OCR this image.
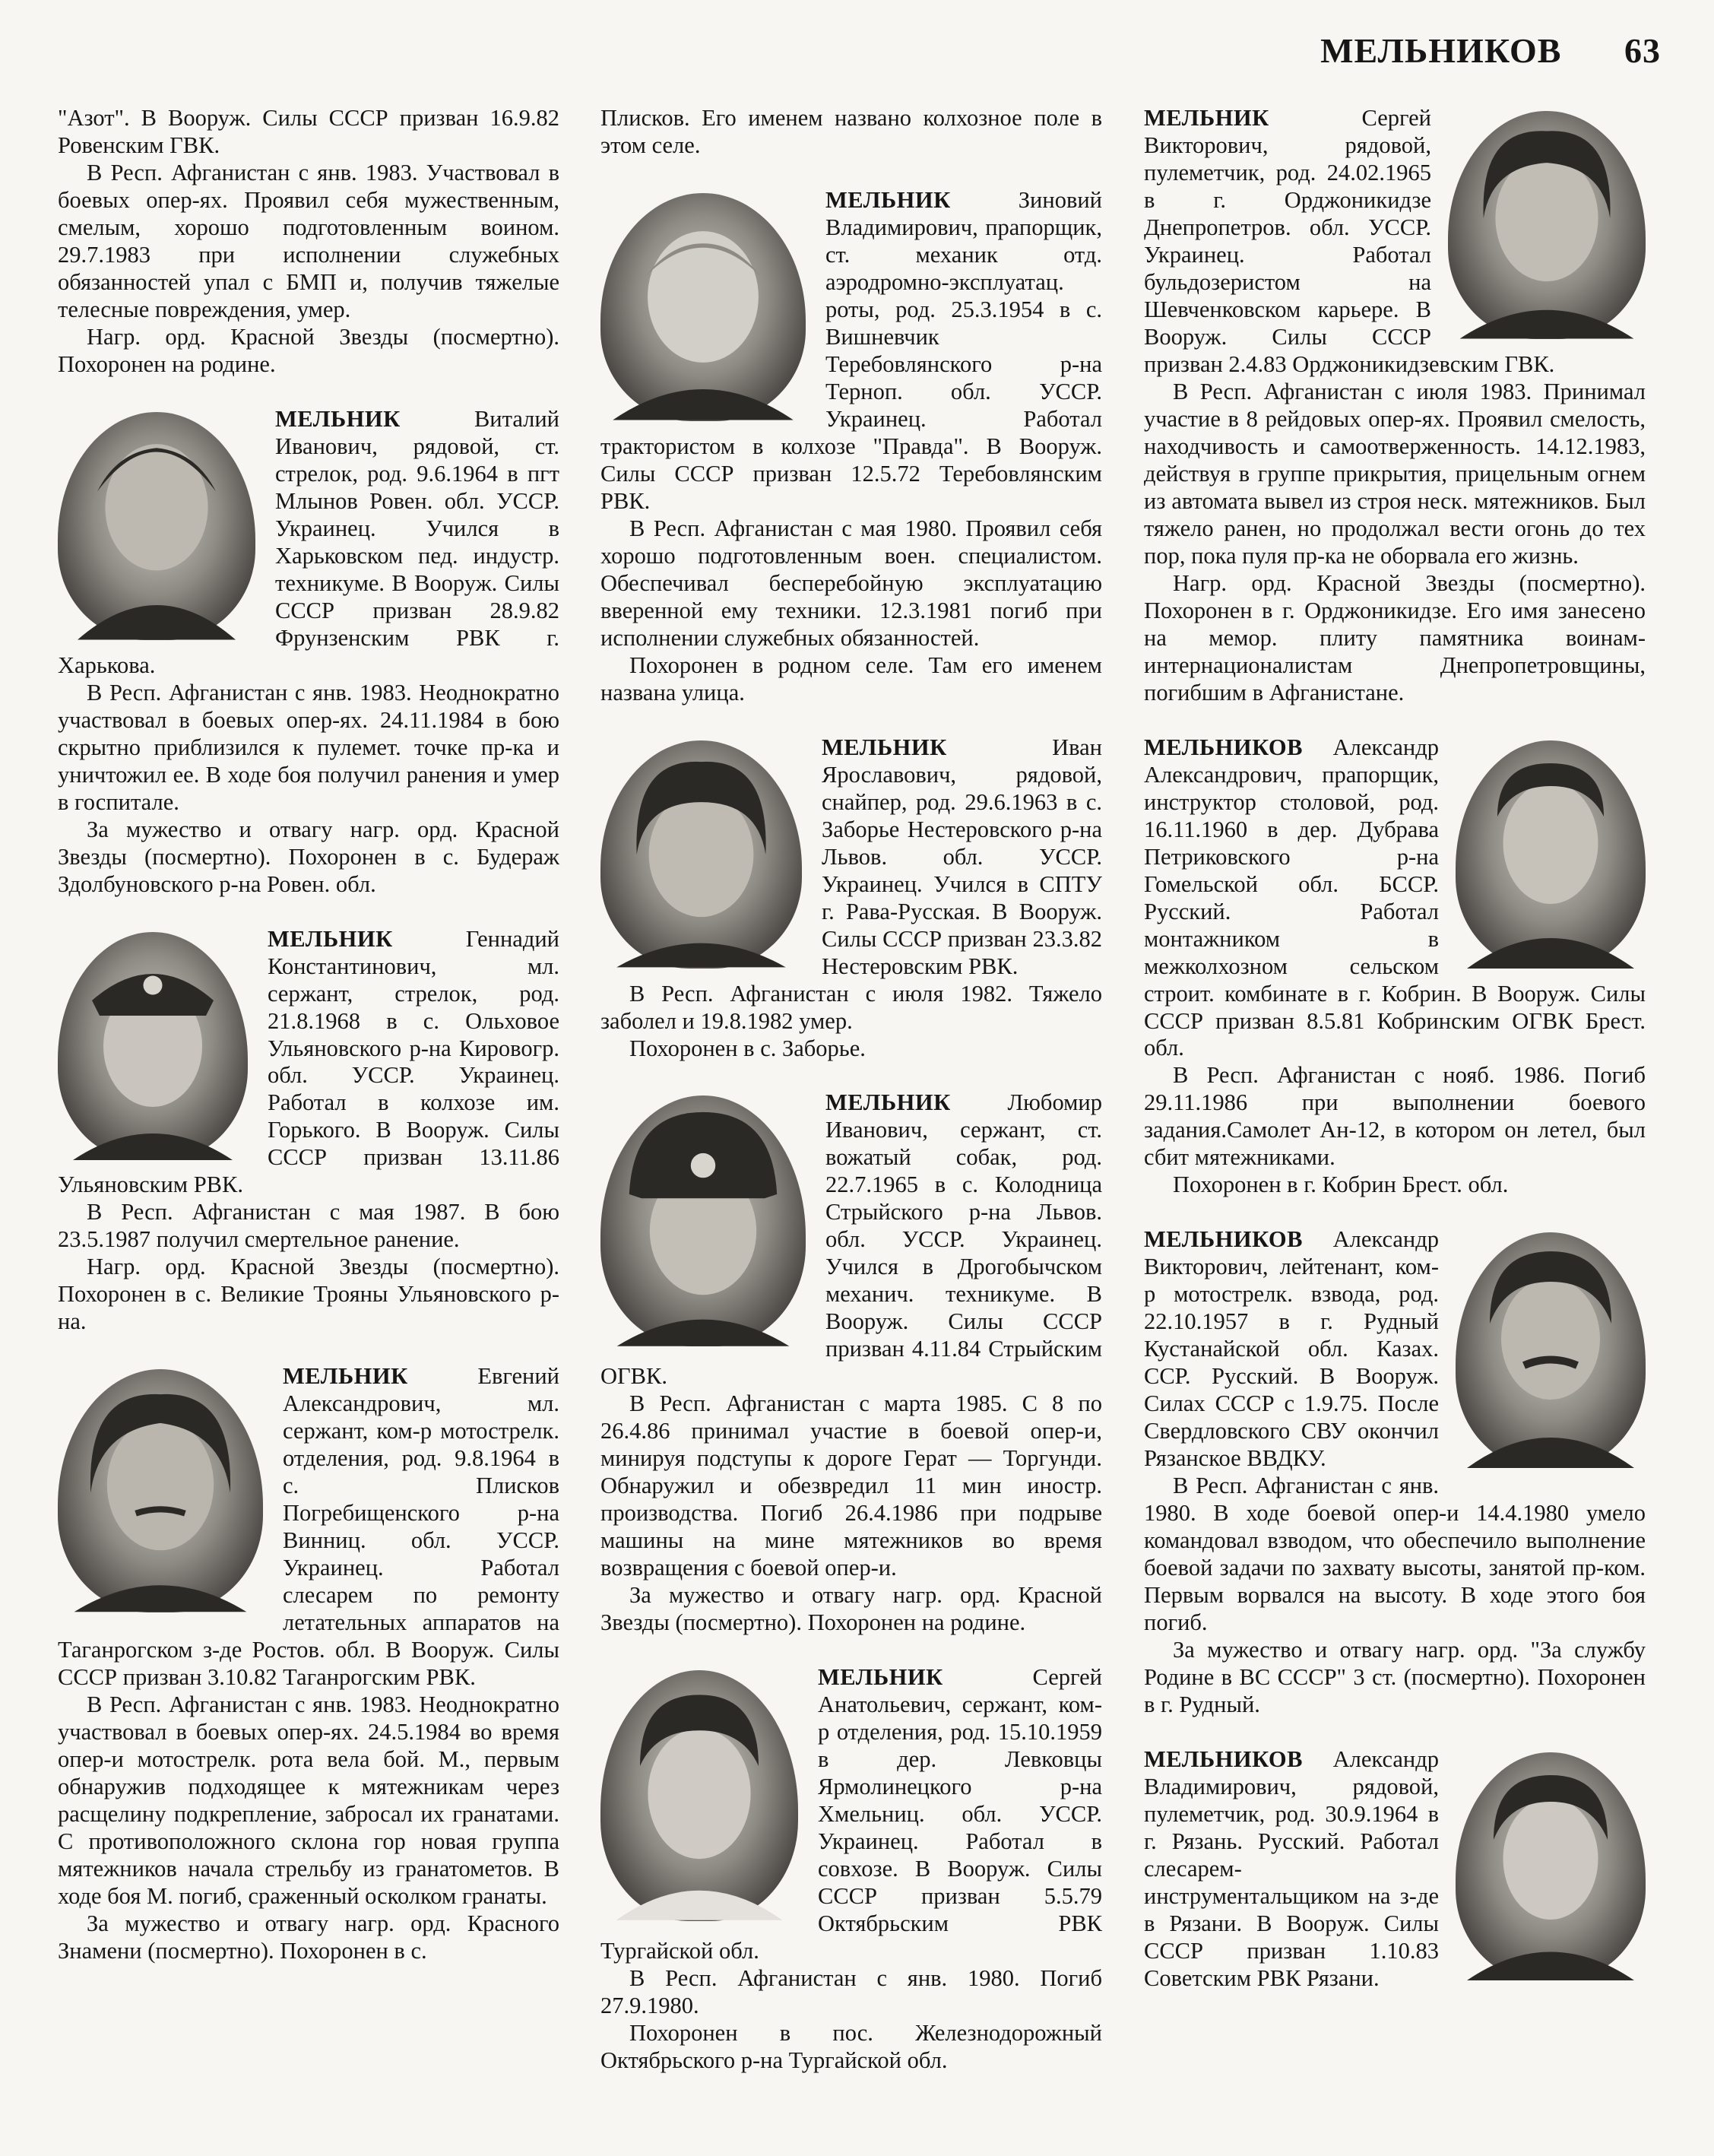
МЕЛЬНИКОВ 63

"Азот". В Вооруж. Силы СССР призван 16.9.82 Ровенским ГВК.

В Респ. Афганистан с янв. 1983. Участвовал в боевых опер-ях. Проявил себя мужественным, смелым, хорошо подготовленным воином. 29.7.1983 при исполнении служебных обязанностей упал с БМП и, получив тяжелые телесные повреждения, умер.

Нагр. орд. Красной Звезды (посмертно). Похоронен на родине.

МЕЛЬНИК	Виталий Иванович, рядовой, ст. стрелок, род. 9.6.1964 в пгт Млынов Ровен. обл. УССР. Украинец. Учился в Харьковском пед. индустр. техникуме. В Вооруж. Силы СССР призван 28.9.82 Фрунзенским РВК г. Харькова.

В Респ. Афганистан с янв. 1983. Неоднократно участвовал в боевых опер-ях. 24.11.1984 в бою скрытно приблизился к пулемет. точке пр-ка и уничтожил ее. В ходе боя получил ранения и умер в госпитале.

За мужество и отвагу нагр. орд. Красной Звезды (посмертно). Похоронен в с. Будераж Здолбуновского р-на Ровен. обл.

МЕЛЬНИК	Геннадий Константинович, мл. сержант, стрелок, род. 21.8.1968 в с. Ольховое Ульяновского р-на Кировогр. обл. УССР. Украинец. Работал в колхозе им. Горького. В Вооруж. Силы СССР призван 13.11.86 Ульяновским РВК.

В Респ. Афганистан с мая 1987. В бою 23.5.1987 получил смертельное ранение.

Нагр. орд. Красной Звезды (посмертно). Похоронен в с. Великие Трояны Ульяновского р-на.

МЕЛЬНИК	Евгений Александрович, мл. сержант, ком-р мотострелк. отделения, род. 9.8.1964 в с. Плисков Погребищенского р-на Винниц. обл. УССР. Украинец. Работал слесарем по ремонту летательных аппаратов на Таганрогском з-де Ростов. обл. В Вооруж. Силы СССР призван 3.10.82 Таганрогским РВК.

В Респ. Афганистан с янв. 1983. Неоднократно участвовал в боевых опер-ях. 24.5.1984 во время опер-и мотострелк. рота вела бой. М., первым обнаружив подходящее к мятежникам через расщелину подкрепление, забросал их гранатами. С противоположного склона гор новая группа мятежников начала стрельбу из гранатометов. В ходе боя М. погиб, сраженный осколком гранаты.

За мужество и отвагу нагр. орд. Красного Знамени (посмертно). Похоронен в с.

Плисков. Его именем названо колхозное поле в этом селе.

МЕЛЬНИК	Зиновий Владимирович, прапорщик, ст. механик отд. аэродромно-эксплуатац. роты, род. 25.3.1954 в с. Вишневчик Теребовлянского р-на Терноп. обл. УССР. Украинец. Работал трактористом в колхозе "Правда". В Вооруж. Силы СССР призван 12.5.72 Теребовлянским РВК.

В Респ. Афганистан с мая 1980. Проявил себя хорошо подготовленным воен. специалистом. Обеспечивал бесперебойную эксплуатацию вверенной ему техники. 12.3.1981 погиб при исполнении служебных обязанностей.

Похоронен в родном селе. Там его именем названа улица.

МЕЛЬНИК	Иван Ярославович, рядовой, снайпер, род. 29.6.1963 в с. Заборье Нестеровского р-на Львов. обл. УССР. Украинец. Учился в СПТУ г. Рава-Русская. В Вооруж. Силы СССР призван 23.3.82 Нестеровским РВК.

В Респ. Афганистан с июля 1982. Тяжело заболел и 19.8.1982 умер.

Похоронен в с. Заборье.

МЕЛЬНИК Любомир Иванович, сержант, ст. вожатый собак, род. 22.7.1965 в с. Колодница Стрыйского р-на Львов. обл. УССР. Украинец. Учился в Дрогобычском механич. техникуме. В Вооруж. Силы СССР призван 4.11.84 Стрыйским ОГВК.

В Респ. Афганистан с марта 1985. С 8 по 26.4.86 принимал участие в боевой опер-и, минируя подступы к дороге Герат — Торгунди. Обнаружил и обезвредил 11 мин иностр. производства. Погиб 26.4.1986 при подрыве машины на мине мятежников во время возвращения с боевой опер-и.

За мужество и отвагу нагр. орд. Красной Звезды (посмертно). Похоронен на родине.

МЕЛЬНИК	Сергей Анатольевич, сержант, ком-р отделения, род. 15.10.1959 в дер. Левковцы Ярмолинецкого р-на Хмельниц. обл. УССР. Украинец. Работал в совхозе. В Вооруж. Силы СССР призван 5.5.79 Октябрьским РВК Тургайской обл.

В Респ. Афганистан с янв. 1980. Погиб 27.9.1980.

Похоронен в пос. Железнодорожный Октябрьского р-на Тургайской обл.

МЕЛЬНИК	Сергей Викторович, рядовой, пулеметчик, род. 24.02.1965 в г. Орджоникидзе Днепропетров. обл. УССР. Украинец. Работал бульдозеристом на Шевченковском карьере. В Вооруж. Силы СССР призван 2.4.83 Орджоникидзевским ГВК.

В Респ. Афганистан с июля 1983. Принимал участие в 8 рейдовых опер-ях. Проявил смелость, находчивость и самоотверженность. 14.12.1983, действуя в группе прикрытия, прицельным огнем из автомата вывел из строя неск. мятежников. Был тяжело ранен, но продолжал вести огонь до тех пор, пока пуля пр-ка не оборвала его жизнь.

Нагр. орд. Красной Звезды (посмертно). Похоронен в г. Орджоникидзе. Его имя занесено на мемор. плиту памятника воинам-интернационалистам Днепропетровщины, погибшим в Афганистане.

МЕЛЬНИКОВ Александр Александрович, прапорщик, инструктор столовой, род. 16.11.1960 в дер. Дубрава Петриковского р-на Гомельской обл. БССР. Русский. Работал монтажником в межколхозном сельском строит. комбинате в г. Кобрин. В Вооруж. Силы СССР призван 8.5.81 Кобринским ОГВК Брест. обл.

В Респ. Афганистан с нояб. 1986. Погиб 29.11.1986 при выполнении боевого задания.Самолет Ан-12, в котором он летел, был сбит мятежниками.

Похоронен в г. Кобрин Брест. обл.

МЕЛЬНИКОВ Александр Викторович, лейтенант, ком-р мотострелк. взвода, род. 22.10.1957 в г. Рудный Кустанайской обл. Казах. ССР. Русский. В Вооруж. Силах СССР с 1.9.75. После Свердловского СВУ окончил Рязанское ВВДКУ.

В Респ. Афганистан с янв. 1980. В ходе боевой опер-и 14.4.1980 умело командовал взводом, что обеспечило выполнение боевой задачи по захвату высоты, занятой пр-ком. Первым ворвался на высоту. В ходе этого боя погиб.

За мужество и отвагу нагр. орд. "За службу Родине в ВС СССР" 3 ст. (посмертно). Похоронен в г. Рудный.

МЕЛЬНИКОВ Александр Владимирович, рядовой, пулеметчик, род. 30.9.1964 в г. Рязань. Русский. Работал слесарем-инструментальщиком на з-де в Рязани. В Вооруж. Силы СССР призван 1.10.83 Советским РВК Рязани.
